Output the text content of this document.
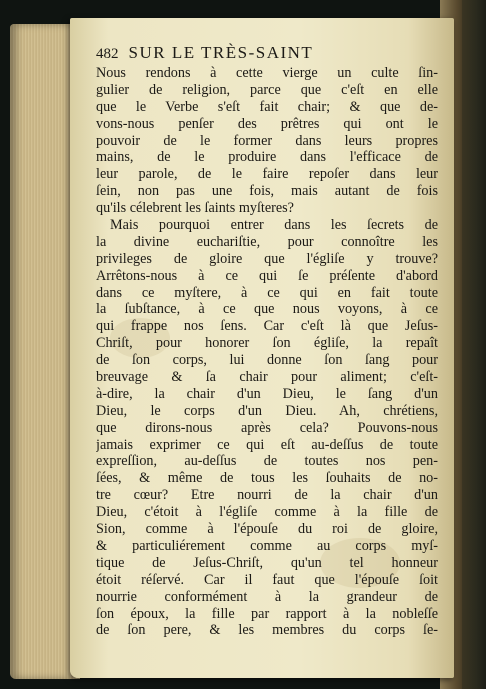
482 SUR LE TRÈS-SAINT
Nous rendons à cette vierge un culte ſin-
gulier de religion, parce que c'eſt en elle
que le Verbe s'eſt fait chair; & que de-
vons-nous penſer des prêtres qui ont le
pouvoir de le former dans leurs propres
mains, de le produire dans l'efficace de
leur parole, de le faire repoſer dans leur
ſein, non pas une fois, mais autant de fois
qu'ils célebrent les ſaints myſteres?
Mais pourquoi entrer dans les ſecrets de
la divine euchariſtie, pour connoître les
privileges de gloire que l'égliſe y trouve?
Arrêtons-nous à ce qui ſe préſente d'abord
dans ce myſtere, à ce qui en fait toute
la ſubſtance, à ce que nous voyons, à ce
qui frappe nos ſens. Car c'eſt là que Jeſus-
Chriſt, pour honorer ſon égliſe, la repaît
de ſon corps, lui donne ſon ſang pour
breuvage & ſa chair pour aliment; c'eſt-
à-dire, la chair d'un Dieu, le ſang d'un
Dieu, le corps d'un Dieu. Ah, chrétiens,
que dirons-nous après cela? Pouvons-nous
jamais exprimer ce qui eſt au-deſſus de toute
expreſſion, au-deſſus de toutes nos pen-
ſées, & même de tous les ſouhaits de no-
tre cœur? Etre nourri de la chair d'un
Dieu, c'étoit à l'égliſe comme à la fille de
Sion, comme à l'épouſe du roi de gloire,
& particuliérement comme au corps myſ-
tique de Jeſus-Chriſt, qu'un tel honneur
étoit réſervé. Car il faut que l'épouſe ſoit
nourrie conformément à la grandeur de
ſon époux, la fille par rapport à la nobleſſe
de ſon pere, & les membres du corps ſe-
